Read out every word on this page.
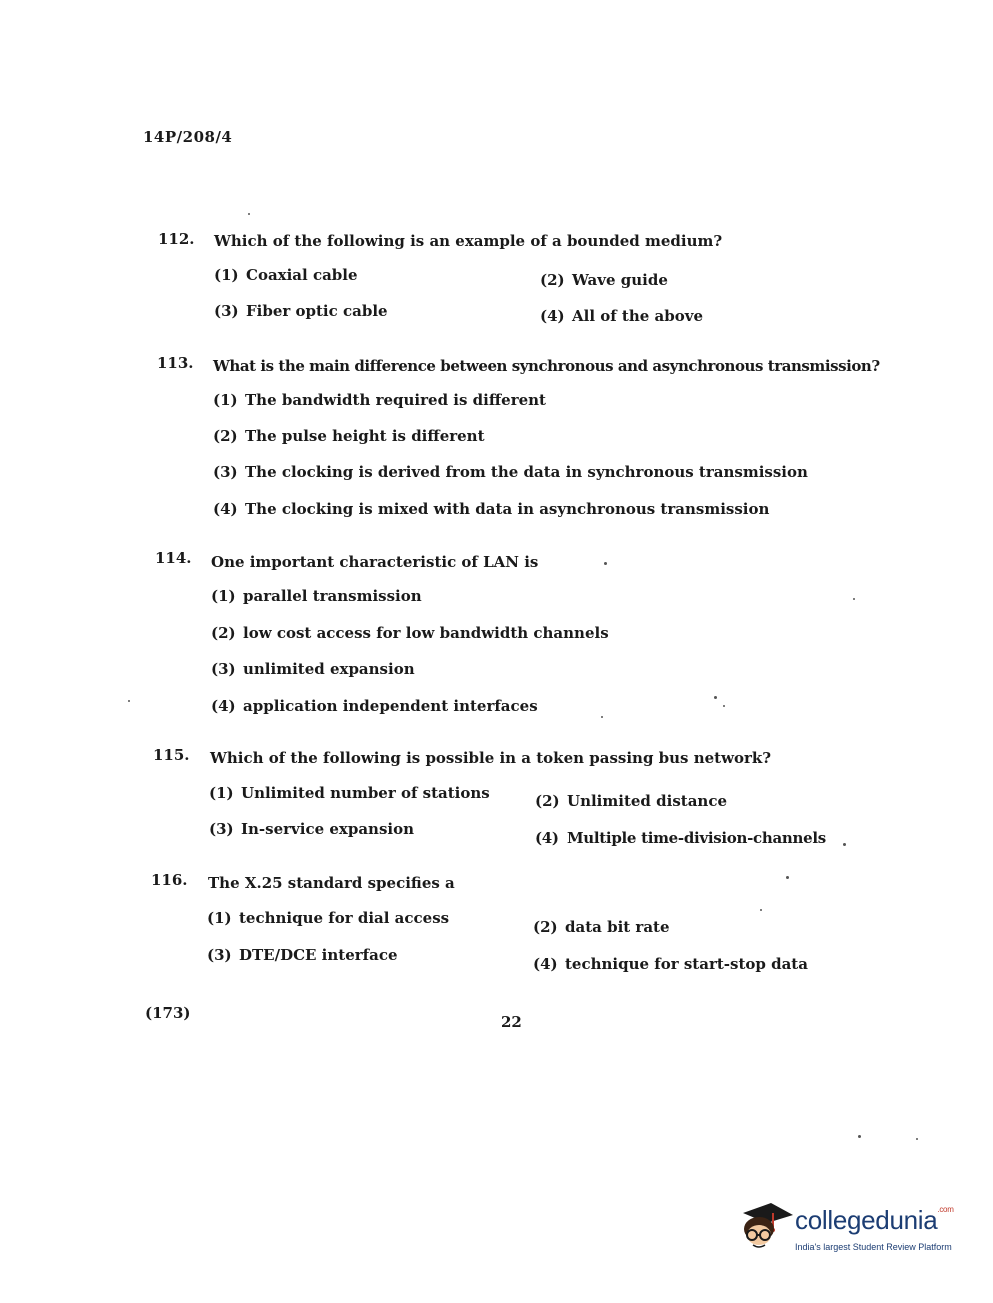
14P/208/4
112. Which of the following is an example of a bounded medium?
(1) Coaxial cable	(2) Wave guide
(3) Fiber optic cable	(4) All of the above
113. What is the main difference between synchronous and asynchronous transmission?
(1) The bandwidth required is different
(2) The pulse height is different
(3) The clocking is derived from the data in synchronous transmission
(4) The clocking is mixed with data in asynchronous transmission
114. One important characteristic of LAN is
(1) parallel transmission
(2) low cost access for low bandwidth channels
(3) unlimited expansion
(4) application independent interfaces
115. Which of the following is possible in a token passing bus network?
(1) Unlimited number of stations	(2) Unlimited distance
(3) In-service expansion	(4) Multiple time-division-channels
116. The X.25 standard specifies a
(1) technique for dial access	(2) data bit rate
(3) DTE/DCE interface	(4) technique for start-stop data
(173)	22
collegedunia$^{.com}$
India's largest Student Review Platform
